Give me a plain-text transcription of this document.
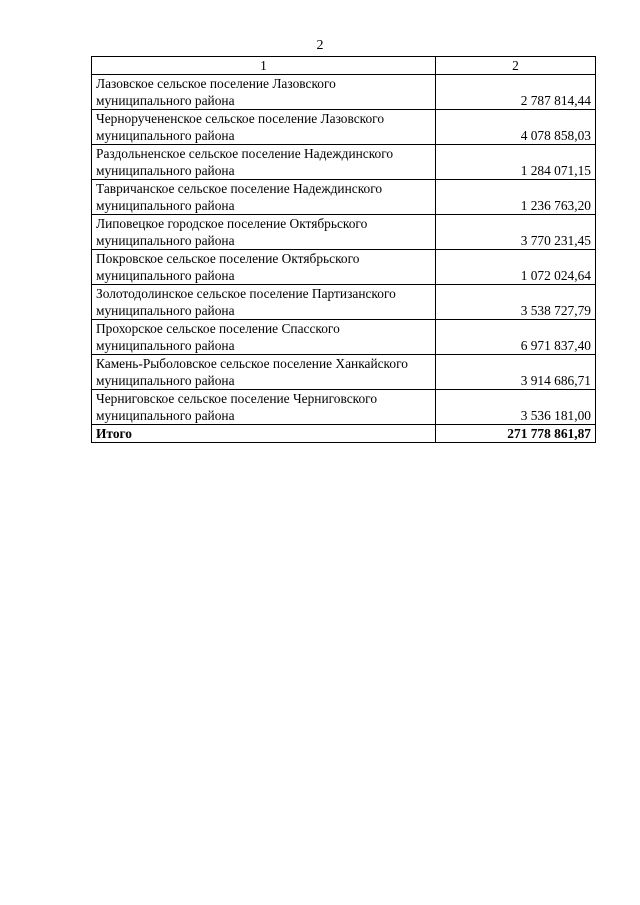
2
1	2
Лазовское сельское поселение Лазовского муниципального района	2 787 814,44
Черноручененское сельское поселение Лазовского муниципального района	4 078 858,03
Раздольненское сельское поселение Надеждинского муниципального района	1 284 071,15
Тавричанское сельское поселение Надеждинского муниципального района	1 236 763,20
Липовецкое городское поселение Октябрьского муниципального района	3 770 231,45
Покровское сельское поселение Октябрьского муниципального района	1 072 024,64
Золотодолинское сельское поселение Партизанского муниципального района	3 538 727,79
Прохорское сельское поселение Спасского муниципального района	6 971 837,40
Камень-Рыболовское сельское поселение Ханкайского муниципального района	3 914 686,71
Черниговское сельское поселение Черниговского муниципального района	3 536 181,00
Итого	271 778 861,87
